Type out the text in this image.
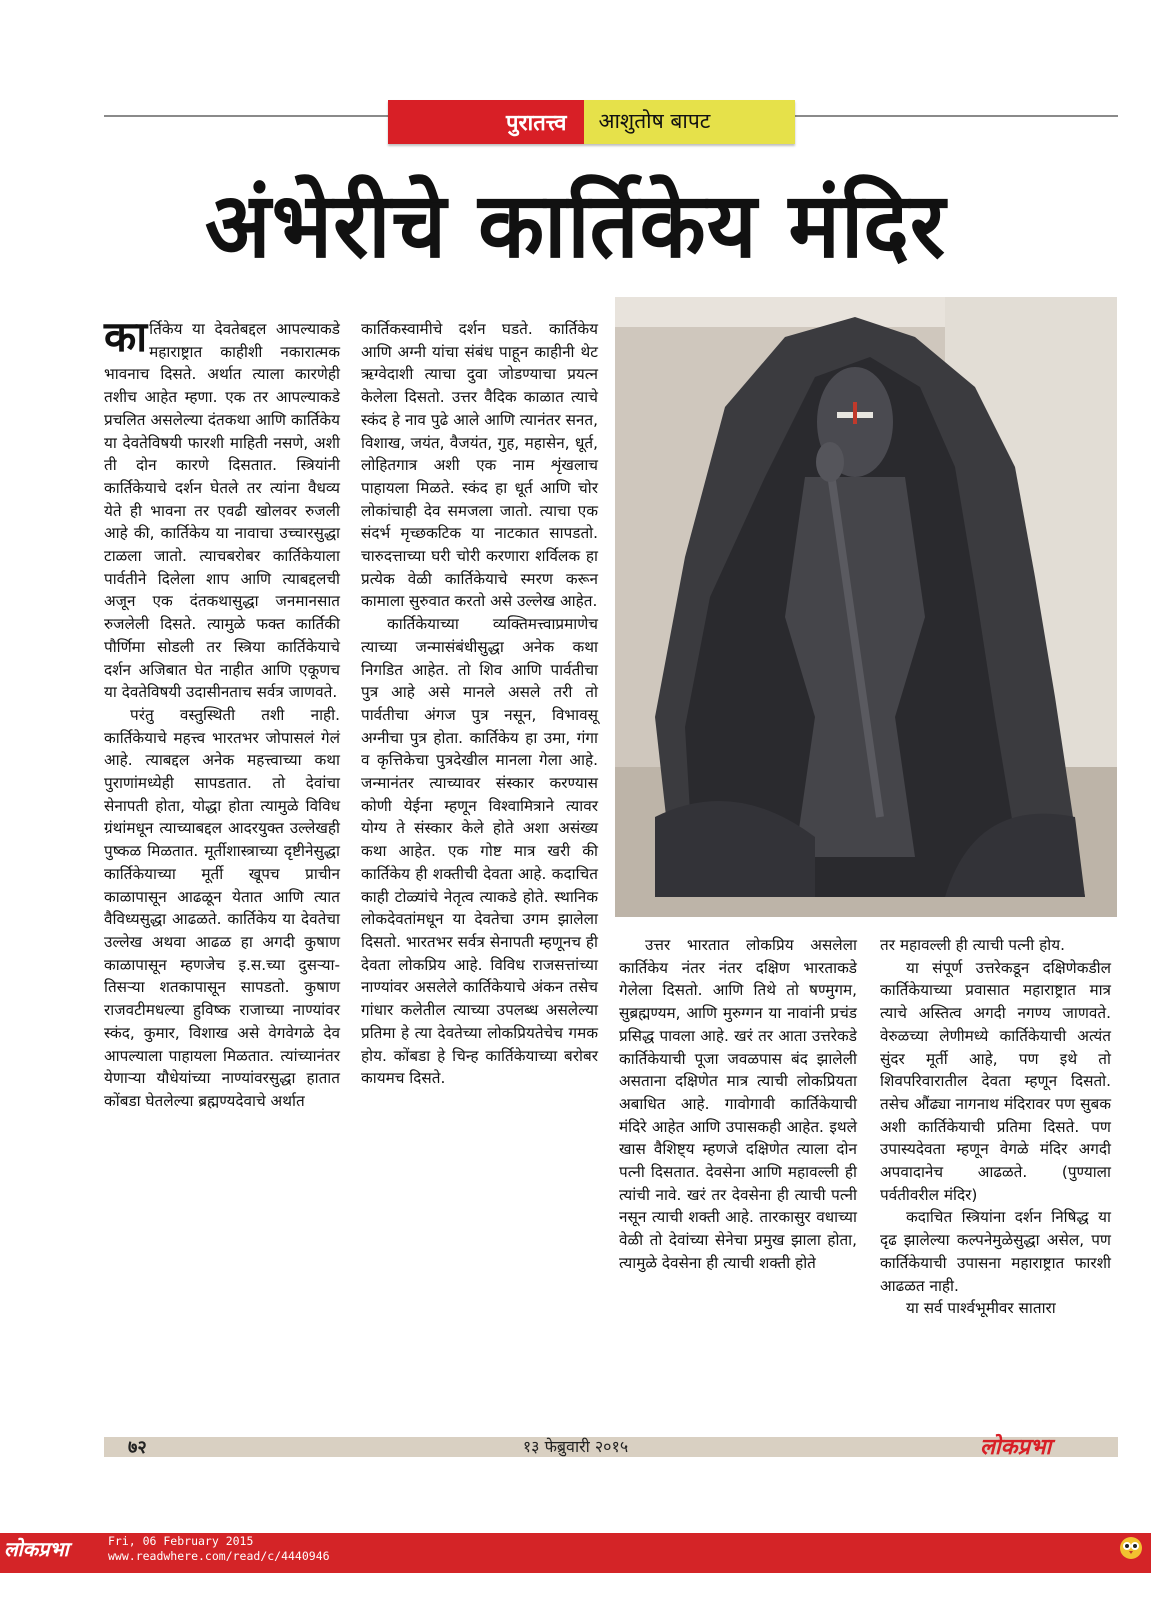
पुरातत्त्व	आशुतोष बापट
अंभेरीचे कार्तिकेय मंदिर

कार्तिकेय या देवतेबद्दल आपल्याकडे महाराष्ट्रात काहीशी नकारात्मक भावनाच दिसते. अर्थात त्याला कारणेही तशीच आहेत म्हणा. एक तर आपल्याकडे प्रचलित असलेल्या दंतकथा आणि कार्तिकेय या देवतेविषयी फारशी माहिती नसणे, अशी ती दोन कारणे दिसतात. स्त्रियांनी कार्तिकेयाचे दर्शन घेतले तर त्यांना वैधव्य येते ही भावना तर एवढी खोलवर रुजली आहे की, कार्तिकेय या नावाचा उच्चारसुद्धा टाळला जातो. त्याचबरोबर कार्तिकेयाला पार्वतीने दिलेला शाप आणि त्याबद्दलची अजून एक दंतकथासुद्धा जनमानसात रुजलेली दिसते. त्यामुळे फक्त कार्तिकी पौर्णिमा सोडली तर स्त्रिया कार्तिकेयाचे दर्शन अजिबात घेत नाहीत आणि एकूणच या देवतेविषयी उदासीनताच सर्वत्र जाणवते.

परंतु वस्तुस्थिती तशी नाही. कार्तिकेयाचे महत्त्व भारतभर जोपासलं गेलं आहे. त्याबद्दल अनेक महत्त्वाच्या कथा पुराणांमध्येही सापडतात. तो देवांचा सेनापती होता, योद्धा होता त्यामुळे विविध ग्रंथांमधून त्याच्याबद्दल आदरयुक्त उल्लेखही पुष्कळ मिळतात. मूर्तीशास्त्राच्या दृष्टीनेसुद्धा कार्तिकेयाच्या मूर्ती खूपच प्राचीन काळापासून आढळून येतात आणि त्यात वैविध्यसुद्धा आढळते. कार्तिकेय या देवतेचा उल्लेख अथवा आढळ हा अगदी कुषाण काळापासून म्हणजेच इ.स.च्या दुसऱ्या-तिसऱ्या शतकापासून सापडतो. कुषाण राजवटीमधल्या हुविष्क राजाच्या नाण्यांवर स्कंद, कुमार, विशाख असे वेगवेगळे देव आपल्याला पाहायला मिळतात. त्यांच्यानंतर येणाऱ्या यौधेयांच्या नाण्यांवरसुद्धा हातात कोंबडा घेतलेल्या ब्रह्मण्यदेवाचे अर्थात

कार्तिकस्वामीचे दर्शन घडते. कार्तिकेय आणि अग्नी यांचा संबंध पाहून काहीनी थेट ऋग्वेदाशी त्याचा दुवा जोडण्याचा प्रयत्न केलेला दिसतो. उत्तर वैदिक काळात त्याचे स्कंद हे नाव पुढे आले आणि त्यानंतर सनत, विशाख, जयंत, वैजयंत, गुह, महासेन, धूर्त, लोहितगात्र अशी एक नाम शृंखलाच पाहायला मिळते. स्कंद हा धूर्त आणि चोर लोकांचाही देव समजला जातो. त्याचा एक संदर्भ मृच्छकटिक या नाटकात सापडतो. चारुदत्ताच्या घरी चोरी करणारा शर्विलक हा प्रत्येक वेळी कार्तिकेयाचे स्मरण करून कामाला सुरुवात करतो असे उल्लेख आहेत.

कार्तिकेयाच्या व्यक्तिमत्त्वाप्रमाणेच त्याच्या जन्मासंबंधीसुद्धा अनेक कथा निगडित आहेत. तो शिव आणि पार्वतीचा पुत्र आहे असे मानले असले तरी तो पार्वतीचा अंगज पुत्र नसून, विभावसू अग्नीचा पुत्र होता. कार्तिकेय हा उमा, गंगा व कृत्तिकेचा पुत्रदेखील मानला गेला आहे. जन्मानंतर त्याच्यावर संस्कार करण्यास कोणी येईना म्हणून विश्वामित्राने त्यावर योग्य ते संस्कार केले होते अशा असंख्य कथा आहेत. एक गोष्ट मात्र खरी की कार्तिकेय ही शक्तीची देवता आहे. कदाचित काही टोळ्यांचे नेतृत्व त्याकडे होते. स्थानिक लोकदेवतांमधून या देवतेचा उगम झालेला दिसतो. भारतभर सर्वत्र सेनापती म्हणूनच ही देवता लोकप्रिय आहे. विविध राजसत्तांच्या नाण्यांवर असलेले कार्तिकेयाचे अंकन तसेच गांधार कलेतील त्याच्या उपलब्ध असलेल्या प्रतिमा हे त्या देवतेच्या लोकप्रियतेचेच गमक होय. कोंबडा हे चिन्ह कार्तिकेयाच्या बरोबर कायमच दिसते.

उत्तर भारतात लोकप्रिय असलेला कार्तिकेय नंतर नंतर दक्षिण भारताकडे गेलेला दिसतो. आणि तिथे तो षण्मुगम, सुब्रह्मण्यम, आणि मुरुग्गन या नावांनी प्रचंड प्रसिद्ध पावला आहे. खरं तर आता उत्तरेकडे कार्तिकेयाची पूजा जवळपास बंद झालेली असताना दक्षिणेत मात्र त्याची लोकप्रियता अबाधित आहे. गावोगावी कार्तिकेयाची मंदिरे आहेत आणि उपासकही आहेत. इथले खास वैशिष्ट्य म्हणजे दक्षिणेत त्याला दोन पत्नी दिसतात. देवसेना आणि महावल्ली ही त्यांची नावे. खरं तर देवसेना ही त्याची पत्नी नसून त्याची शक्ती आहे. तारकासुर वधाच्या वेळी तो देवांच्या सेनेचा प्रमुख झाला होता, त्यामुळे देवसेना ही त्याची शक्ती होते

तर महावल्ली ही त्याची पत्नी होय.

या संपूर्ण उत्तरेकडून दक्षिणेकडील कार्तिकेयाच्या प्रवासात महाराष्ट्रात मात्र त्याचे अस्तित्व अगदी नगण्य जाणवते. वेरुळच्या लेणीमध्ये कार्तिकेयाची अत्यंत सुंदर मूर्ती आहे, पण इथे तो शिवपरिवारातील देवता म्हणून दिसतो. तसेच औंढ्या नागनाथ मंदिरावर पण सुबक अशी कार्तिकेयाची प्रतिमा दिसते. पण उपास्यदेवता म्हणून वेगळे मंदिर अगदी अपवादानेच आढळते. (पुण्याला पर्वतीवरील मंदिर)

कदाचित स्त्रियांना दर्शन निषिद्ध या दृढ झालेल्या कल्पनेमुळेसुद्धा असेल, पण कार्तिकेयाची उपासना महाराष्ट्रात फारशी आढळत नाही.

या सर्व पार्श्वभूमीवर सातारा

७२	१३ फेब्रुवारी २०१५	लोकप्रभा
लोकप्रभा	Fri, 06 February 2015
www.readwhere.com/read/c/4440946
